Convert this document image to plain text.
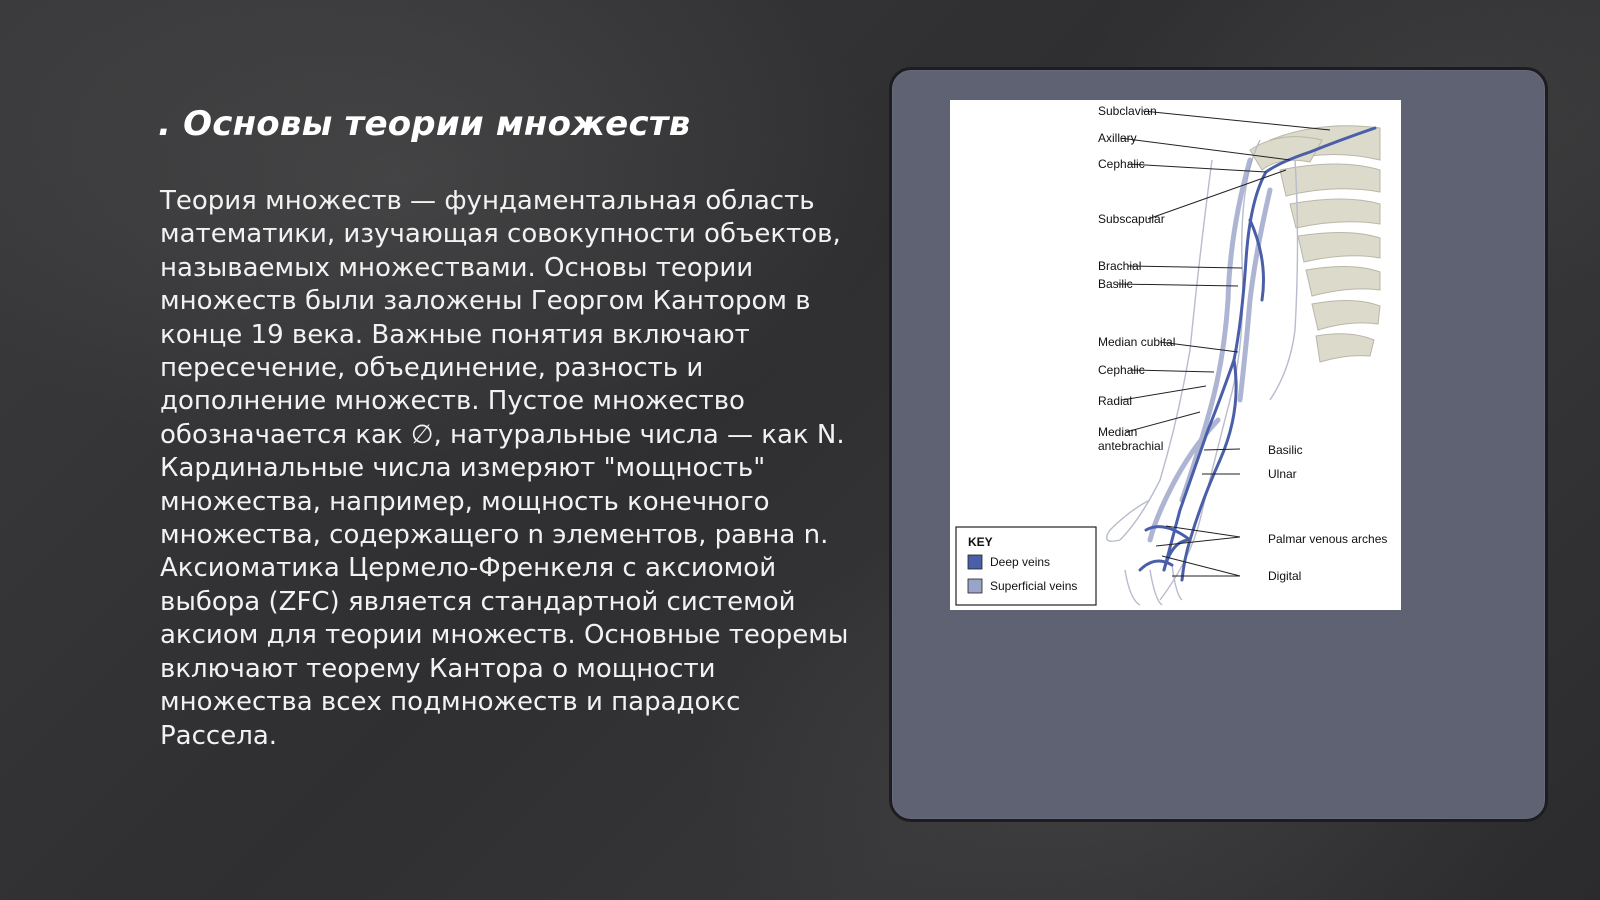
. Основы теории множеств

Теория множеств — фундаментальная область математики, изучающая совокупности объектов, называемых множествами. Основы теории множеств были заложены Георгом Кантором в конце 19 века. Важные понятия включают пересечение, объединение, разность и дополнение множеств. Пустое множество обозначается как ∅, натуральные числа — как N. Кардинальные числа измеряют "мощность" множества, например, мощность конечного множества, содержащего n элементов, равна n. Аксиоматика Цермело-Френкеля с аксиомой выбора (ZFC) является стандартной системой аксиом для теории множеств. Основные теоремы включают теорему Кантора о мощности множества всех подмножеств и парадокс Рассела.

Subclavian
Axillary
Cephalic
Subscapular
Brachial
Basilic
Median cubital
Cephalic
Radial
Median
antebrachial	Basilic
Ulnar
Palmar venous arches
Digital
KEY
Deep veins
Superficial veins
